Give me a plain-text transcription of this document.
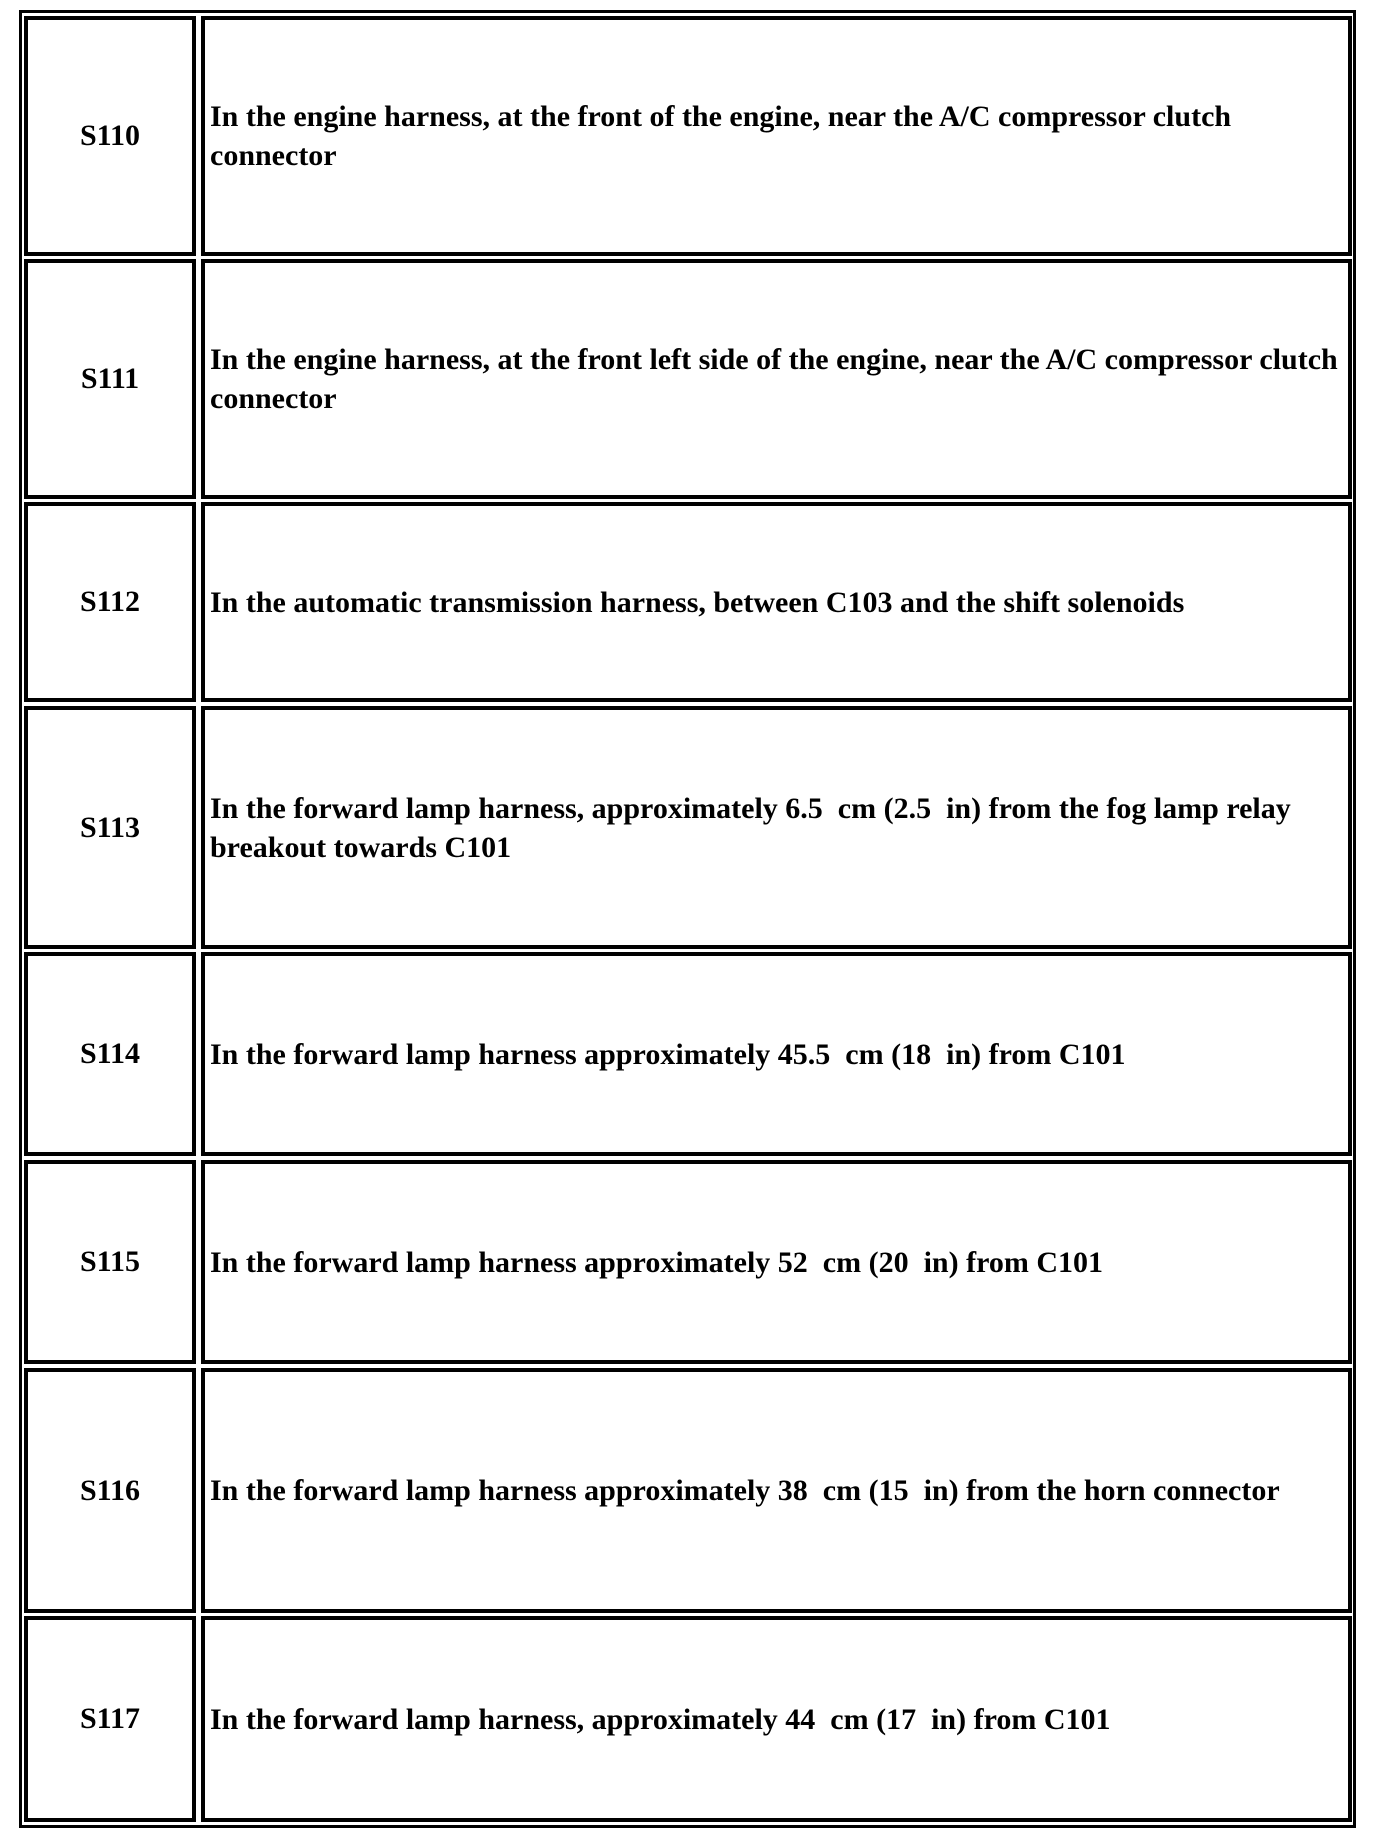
S110
In the engine harness, at the front of the engine, near the A/C compressor clutch connector
S111
In the engine harness, at the front left side of the engine, near the A/C compressor clutch connector
S112 In the automatic transmission harness, between C103 and the shift solenoids
S113
In the forward lamp harness, approximately 6.5  cm (2.5  in) from the fog lamp relay breakout towards C101
S114 In the forward lamp harness approximately 45.5  cm (18  in) from C101
S115 In the forward lamp harness approximately 52  cm (20  in) from C101
S116 In the forward lamp harness approximately 38  cm (15  in) from the horn connector
S117 In the forward lamp harness, approximately 44  cm (17  in) from C101
